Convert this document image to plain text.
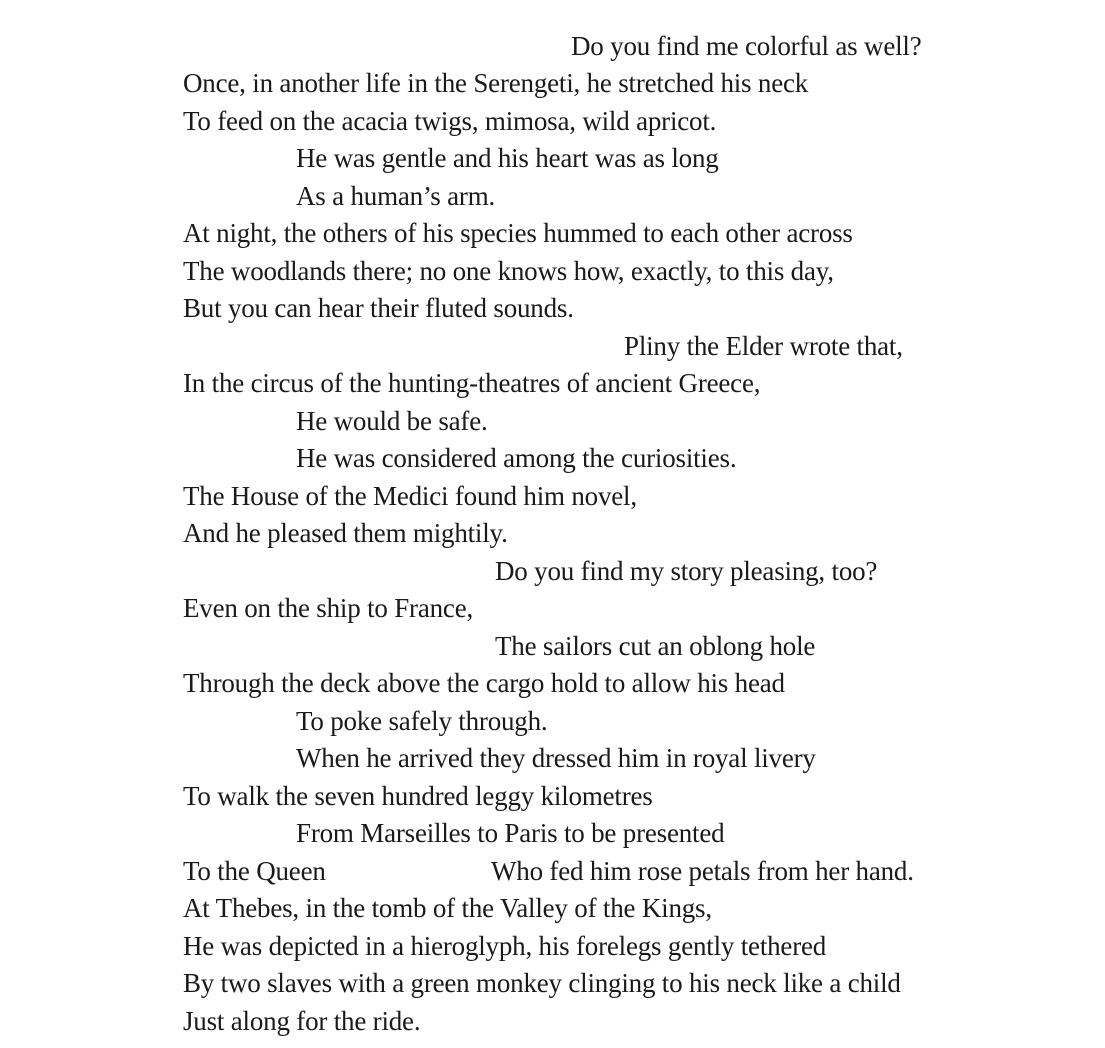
Do you find me colorful as well?
Once, in another life in the Serengeti, he stretched his neck
To feed on the acacia twigs, mimosa, wild apricot.
He was gentle and his heart was as long
As a human’s arm.
At night, the others of his species hummed to each other across
The woodlands there; no one knows how, exactly, to this day,
But you can hear their fluted sounds.
Pliny the Elder wrote that,
In the circus of the hunting-theatres of ancient Greece,
He would be safe.
He was considered among the curiosities.
The House of the Medici found him novel,
And he pleased them mightily.
Do you find my story pleasing, too?
Even on the ship to France,
The sailors cut an oblong hole
Through the deck above the cargo hold to allow his head
To poke safely through.
When he arrived they dressed him in royal livery
To walk the seven hundred leggy kilometres
From Marseilles to Paris to be presented
To the Queen	Who fed him rose petals from her hand.
At Thebes, in the tomb of the Valley of the Kings,
He was depicted in a hieroglyph, his forelegs gently tethered
By two slaves with a green monkey clinging to his neck like a child
Just along for the ride.
